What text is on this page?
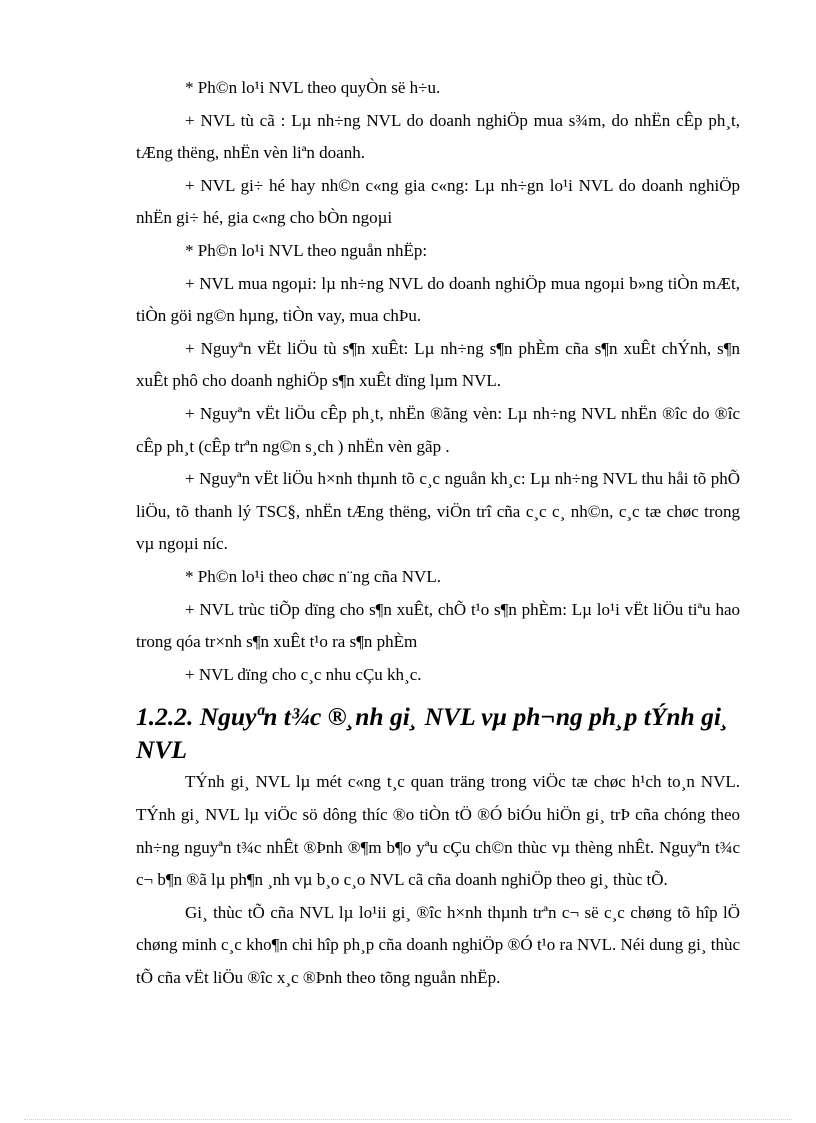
* Ph©n lo¹i NVL theo quyÒn së h÷u.

+ NVL tù cã : Lµ nh÷ng NVL do doanh nghiÖp mua s¾m, do nhËn cÊp ph¸t, tÆng thëng, nhËn vèn liªn doanh.

+ NVL gi÷ hé hay nh©n c«ng gia c«ng: Lµ nh÷gn lo¹i NVL do doanh nghiÖp nhËn gi÷ hé, gia c«ng cho bÒn ngoµi

* Ph©n lo¹i NVL theo nguån nhËp:

+ NVL mua ngoµi: lµ nh÷ng NVL do doanh nghiÖp mua ngoµi b»ng tiÒn mÆt, tiÒn göi ng©n hµng, tiÒn vay, mua chÞu.

+ Nguyªn vËt liÖu tù s¶n xuÊt: Lµ nh÷ng s¶n phÈm cña s¶n xuÊt chÝnh, s¶n xuÊt phô cho doanh nghiÖp s¶n xuÊt dïng lµm NVL.

+ Nguyªn vËt liÖu cÊp ph¸t, nhËn ®ãng vèn: Lµ nh÷ng NVL nhËn ®îc do ®îc cÊp ph¸t (cÊp trªn ng©n s¸ch ) nhËn vèn gãp .

+ Nguyªn vËt liÖu h×nh thµnh tõ c¸c nguån kh¸c: Lµ nh÷ng NVL thu håi tõ phÕ liÖu, tõ thanh lý TSC§, nhËn tÆng thëng, viÖn trî cña c¸c c¸ nh©n, c¸c tæ chøc trong vµ ngoµi níc.

* Ph©n lo¹i theo chøc n¨ng cña NVL.

+ NVL trùc tiÕp dïng cho s¶n xuÊt, chÕ t¹o s¶n phÈm: Lµ lo¹i vËt liÖu tiªu hao trong qóa tr×nh s¶n xuÊt t¹o ra s¶n phÈm

+ NVL dïng cho c¸c nhu cÇu kh¸c.

1.2.2. Nguyªn t¾c ®¸nh gi¸ NVL vµ ph¬ng ph¸p tÝnh gi¸ NVL

TÝnh gi¸ NVL lµ mét c«ng t¸c quan träng trong viÖc tæ chøc h¹ch to¸n NVL. TÝnh gi¸ NVL lµ viÖc sö dông thíc ®o tiÒn tÖ ®Ó biÓu hiÖn gi¸ trÞ cña chóng theo nh÷ng nguyªn t¾c nhÊt ®Þnh ®¶m b¶o yªu cÇu ch©n thùc vµ thèng nhÊt. Nguyªn t¾c c¬ b¶n ®ã lµ ph¶n ¸nh vµ b¸o c¸o NVL cã cña doanh nghiÖp theo gi¸ thùc tÕ.

Gi¸ thùc tÕ cña NVL lµ lo¹ii gi¸ ®îc h×nh thµnh trªn c¬ së c¸c chøng tõ hîp lÖ chøng minh c¸c kho¶n chi hîp ph¸p cña doanh nghiÖp ®Ó t¹o ra NVL. Néi dung gi¸ thùc tÕ cña vËt liÖu ®îc x¸c ®Þnh theo tõng nguån nhËp.
